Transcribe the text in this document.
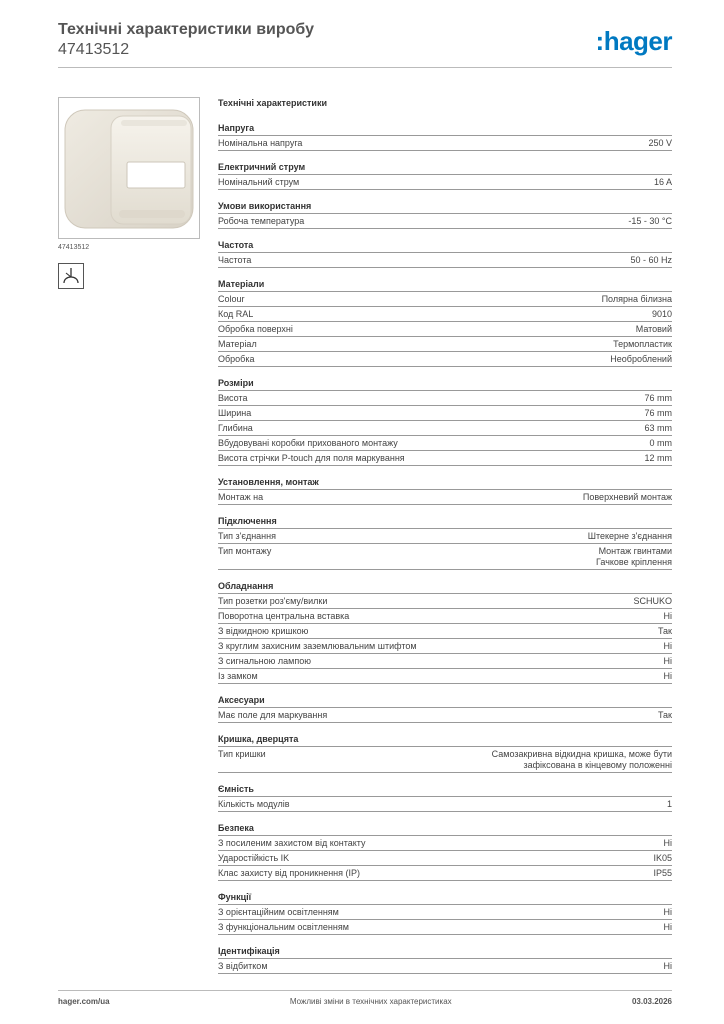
Технічні характеристики виробу
47413512	:hager
47413512
Технічні характеристики
Напруга
Номінальна напруга	250 V
Електричний струм
Номінальний струм	16 A
Умови використання
Робоча температура	-15 - 30 °C
Частота
Частота	50 - 60 Hz
Матеріали
Colour	Полярна білизна
Код RAL	9010
Обробка поверхні	Матовий
Матеріал	Термопластик
Обробка	Необроблений
Розміри
Висота	76 mm
Ширина	76 mm
Глибина	63 mm
Вбудовувані коробки прихованого монтажу	0 mm
Висота стрічки P-touch для поля маркування	12 mm
Установлення, монтаж
Монтаж на	Поверхневий монтаж
Підключення
Тип з'єднання	Штекерне з'єднання
Тип монтажу	Монтаж гвинтами
Гачкове кріплення
Обладнання
Тип розетки роз'єму/вилки	SCHUKO
Поворотна центральна вставка	Ні
З відкидною кришкою	Так
З круглим захисним заземлювальним штифтом	Ні
З сигнальною лампою	Ні
Із замком	Ні
Аксесуари
Має поле для маркування	Так
Кришка, дверцята
Тип кришки	Самозакривна відкидна кришка, може бути
зафіксована в кінцевому положенні
Ємність
Кількість модулів	1
Безпека
З посиленим захистом від контакту	Ні
Ударостійкість IK	IK05
Клас захисту від проникнення (IP)	IP55
Функції
З орієнтаційним освітленням	Ні
З функціональним освітленням	Ні
Ідентифікація
З відбитком	Ні
hager.com/ua	Можливі зміни в технічних характеристиках	03.03.2026
